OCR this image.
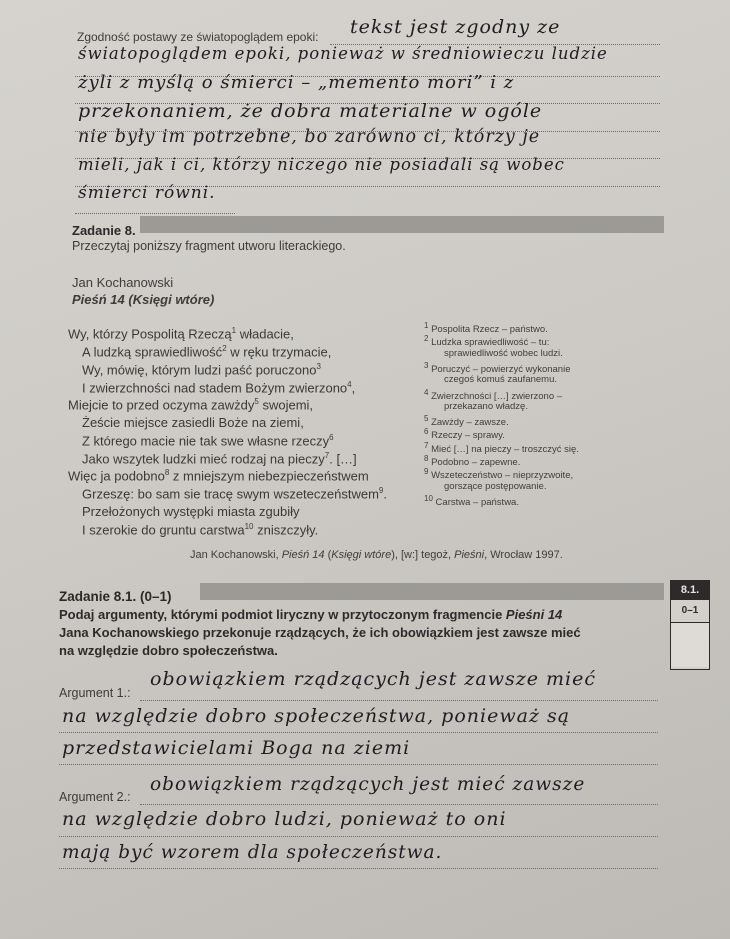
Zgodność postawy ze światopoglądem epoki: tekst jest zgodny ze
światopoglądem epoki, ponieważ w średniowieczu ludzie
żyli z myślą o śmierci – „memento mori” i z
przekonaniem, że dobra materialne w ogóle
nie były im potrzebne, bo zarówno ci, którzy je
mieli, jak i ci, którzy niczego nie posiadali są wobec
śmierci równi.
Zadanie 8.
Przeczytaj poniższy fragment utworu literackiego.
Jan Kochanowski
Pieśń 14 (Księgi wtóre)
Wy, którzy Pospolitą Rzeczą$^1$ władacie,
A ludzką sprawiedliwość$^2$ w ręku trzymacie,
Wy, mówię, którym ludzi paść poruczono$^3$
I zwierzchności nad stadem Bożym zwierzono$^4$,
Miejcie to przed oczyma zawżdy$^5$ swojemi,
Żeście miejsce zasiedli Boże na ziemi,
Z którego macie nie tak swe własne rzeczy$^6$
Jako wszytek ludzki mieć rodzaj na pieczy$^7$. […]
Więc ja podobno$^8$ z mniejszym niebezpieczeństwem
Grzeszę: bo sam sie tracę swym wszeteczeństwem$^9$.
Przełożonych występki miasta zgubiły
I szerokie do gruntu carstwa$^{10}$ zniszczyły.
$^1$ Pospolita Rzecz – państwo.
$^2$ Ludzka sprawiedliwość – tu:
sprawiedliwość wobec ludzi.
$^3$ Poruczyć – powierzyć wykonanie
czegoś komuś zaufanemu.
$^4$ Zwierzchności […] zwierzono –
przekazano władzę.
$^5$ Zawżdy – zawsze.
$^6$ Rzeczy – sprawy.
$^7$ Mieć […] na pieczy – troszczyć się.
$^8$ Podobno – zapewne.
$^9$ Wszeteczeństwo – nieprzyzwoite,
gorszące postępowanie.
$^{10}$ Carstwa – państwa.
Jan Kochanowski, Pieśń 14 (Księgi wtóre), [w:] tegoż, Pieśni, Wrocław 1997.
Zadanie 8.1. (0–1)
Podaj argumenty, którymi podmiot liryczny w przytoczonym fragmencie Pieśni 14
Jana Kochanowskiego przekonuje rządzących, że ich obowiązkiem jest zawsze mieć
na względzie dobro społeczeństwa.
8.1.
0–1
Argument 1.:
obowiązkiem rządzących jest zawsze mieć
na względzie dobro społeczeństwa, ponieważ są
przedstawicielami Boga na ziemi
Argument 2.:
obowiązkiem rządzących jest mieć zawsze
na względzie dobro ludzi, ponieważ to oni
mają być wzorem dla społeczeństwa.
